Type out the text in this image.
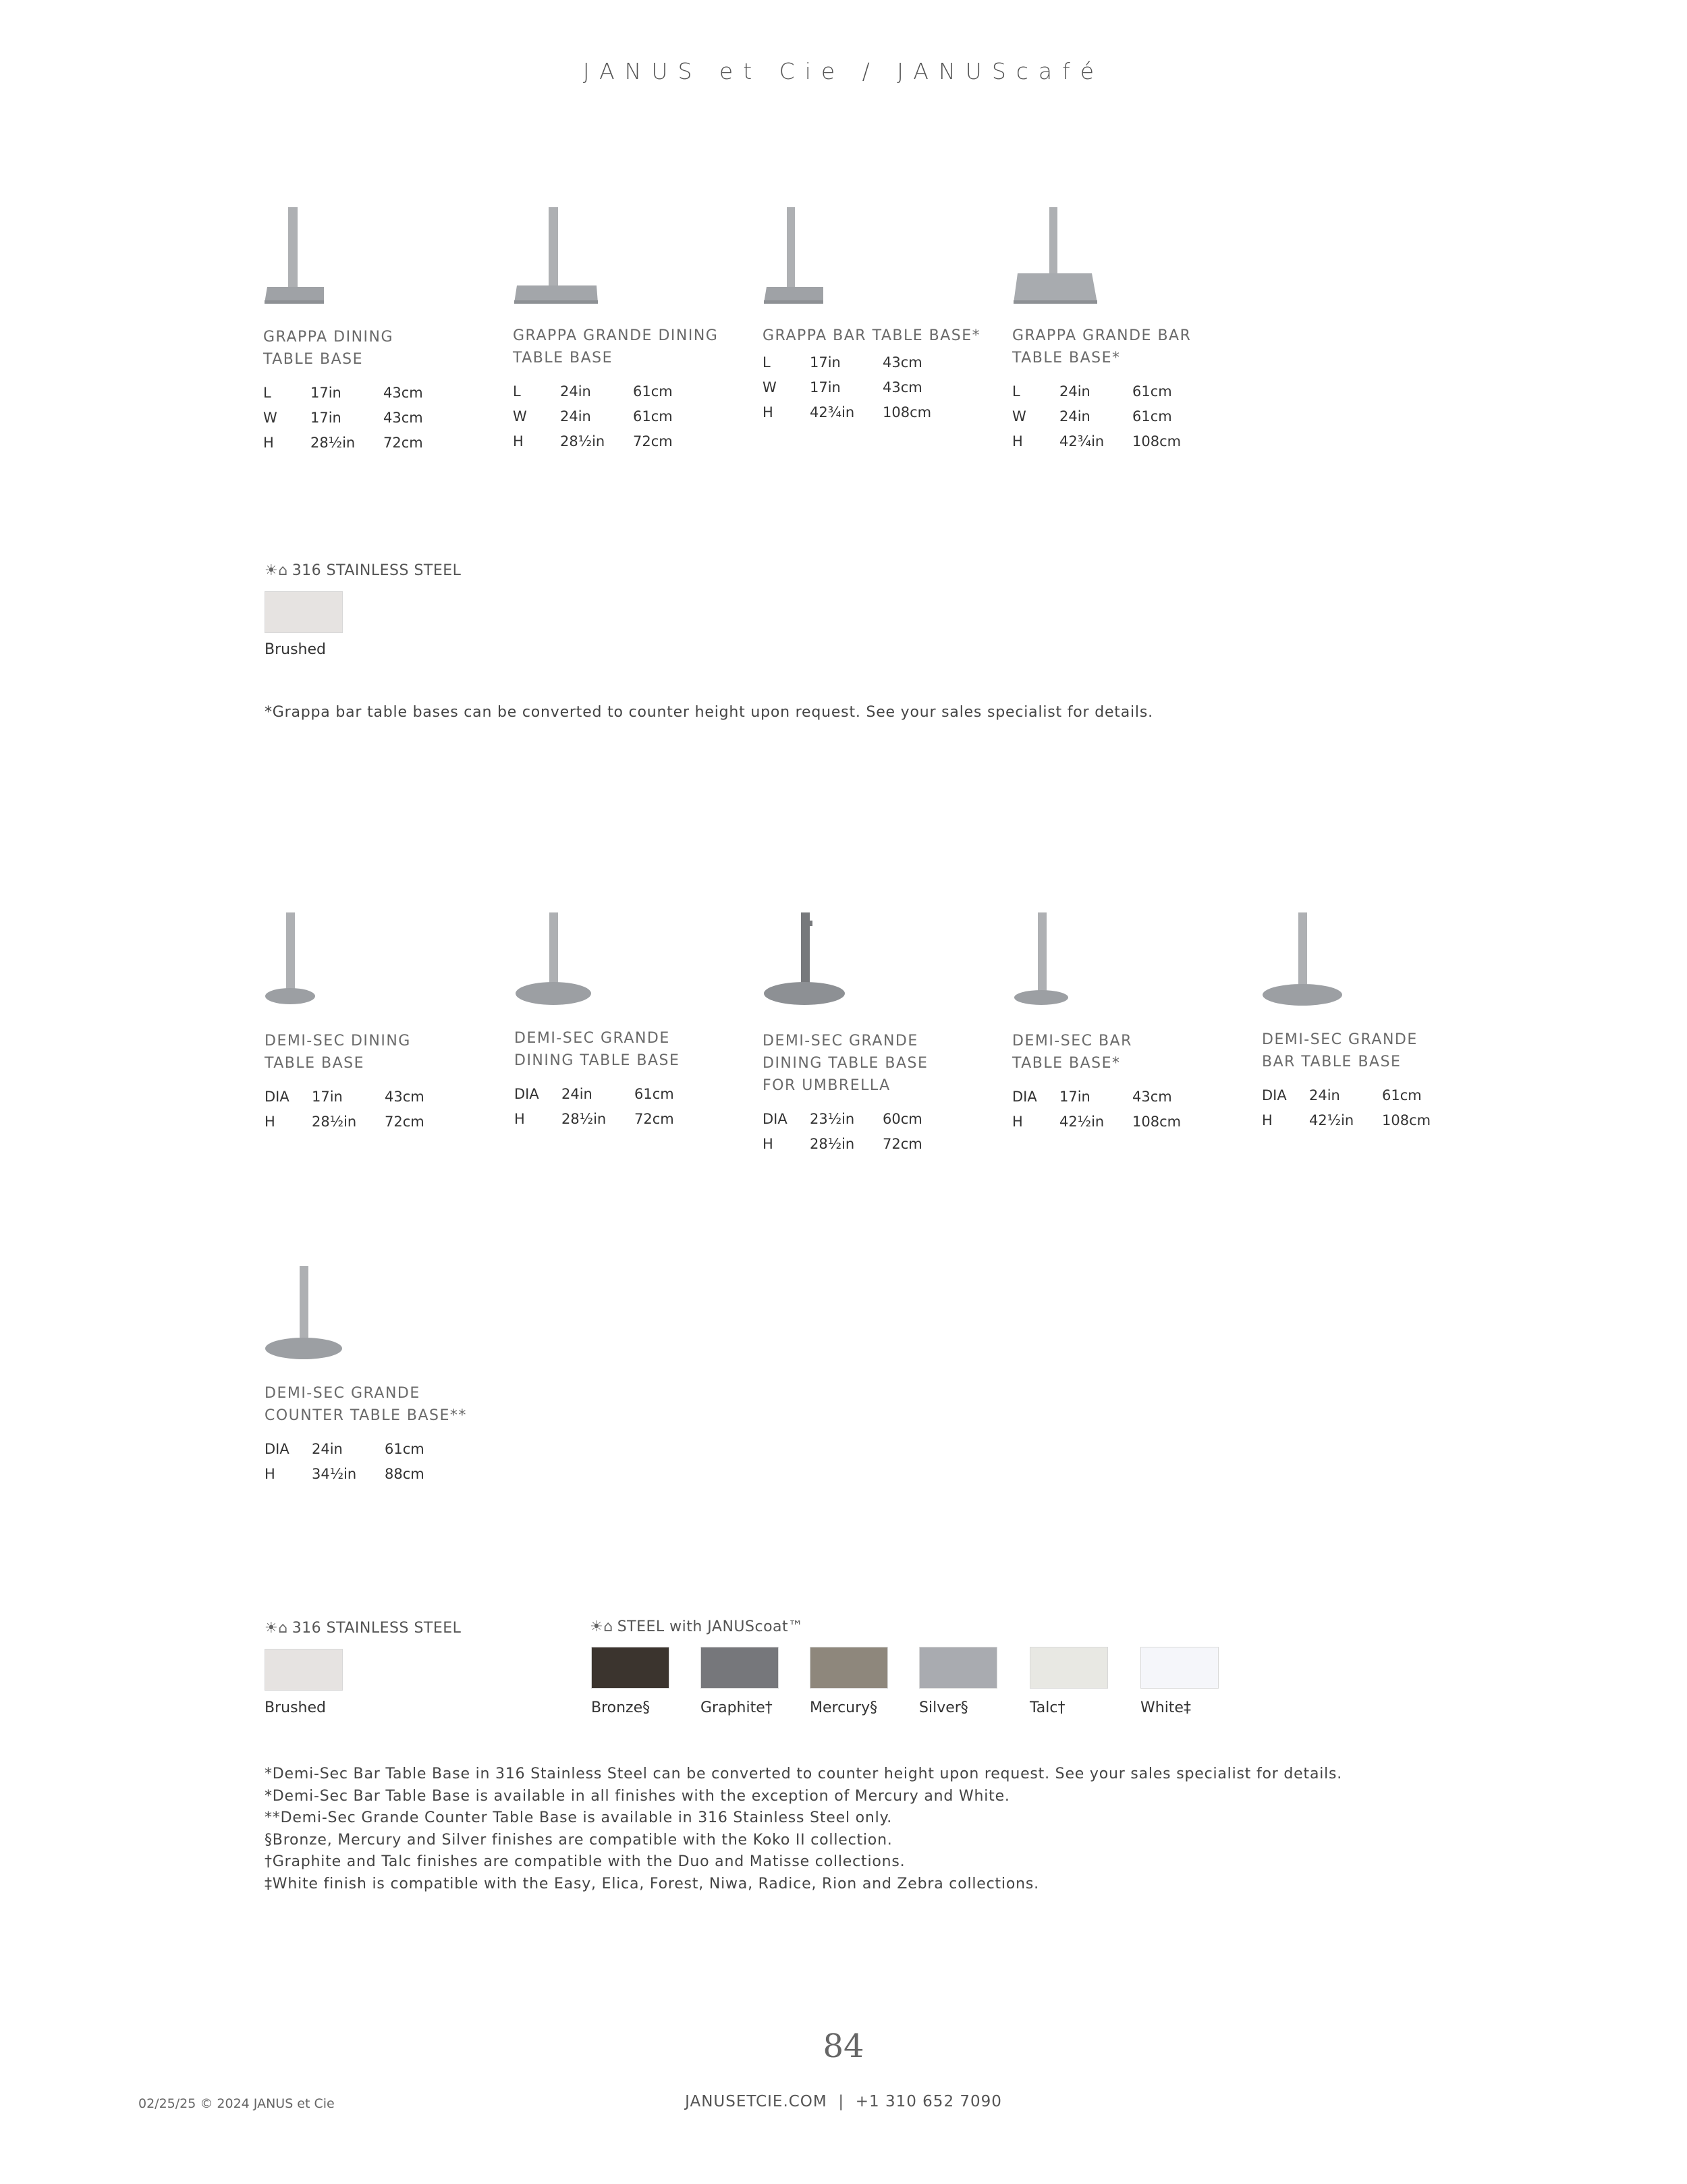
JANUS et Cie / JANUScafé
GRAPPA DINING
TABLE BASE
L	17in	43cm
W	17in	43cm
H	28½in	72cm
GRAPPA GRANDE DINING
TABLE BASE
L	24in	61cm
W	24in	61cm
H	28½in	72cm
GRAPPA BAR TABLE BASE*
L	17in	43cm
W	17in	43cm
H	42¾in	108cm
GRAPPA GRANDE BAR
TABLE BASE*
L	24in	61cm
W	24in	61cm
H	42¾in	108cm
☀⌂ 316 STAINLESS STEEL
Brushed
*Grappa bar table bases can be converted to counter height upon request. See your sales specialist for details.
DEMI-SEC DINING
TABLE BASE
DIA	17in	43cm
H	28½in	72cm
DEMI-SEC GRANDE
DINING TABLE BASE
DIA	24in	61cm
H	28½in	72cm
DEMI-SEC GRANDE
DINING TABLE BASE
FOR UMBRELLA
DIA	23½in	60cm
H	28½in	72cm
DEMI-SEC BAR
TABLE BASE*
DIA	17in	43cm
H	42½in	108cm
DEMI-SEC GRANDE
BAR TABLE BASE
DIA	24in	61cm
H	42½in	108cm
DEMI-SEC GRANDE
COUNTER TABLE BASE**
DIA	24in	61cm
H	34½in	88cm
☀⌂ 316 STAINLESS STEEL
Brushed
☀⌂ STEEL with JANUScoat™
Bronze§	Graphite†	Mercury§	Silver§	Talc†	White‡
*Demi-Sec Bar Table Base in 316 Stainless Steel can be converted to counter height upon request. See your sales specialist for details.
*Demi-Sec Bar Table Base is available in all finishes with the exception of Mercury and White.
**Demi-Sec Grande Counter Table Base is available in 316 Stainless Steel only.
§Bronze, Mercury and Silver finishes are compatible with the Koko II collection.
†Graphite and Talc finishes are compatible with the Duo and Matisse collections.
‡White finish is compatible with the Easy, Elica, Forest, Niwa, Radice, Rion and Zebra collections.
84
02/25/25 © 2024 JANUS et Cie	JANUSETCIE.COM  |  +1 310 652 7090
